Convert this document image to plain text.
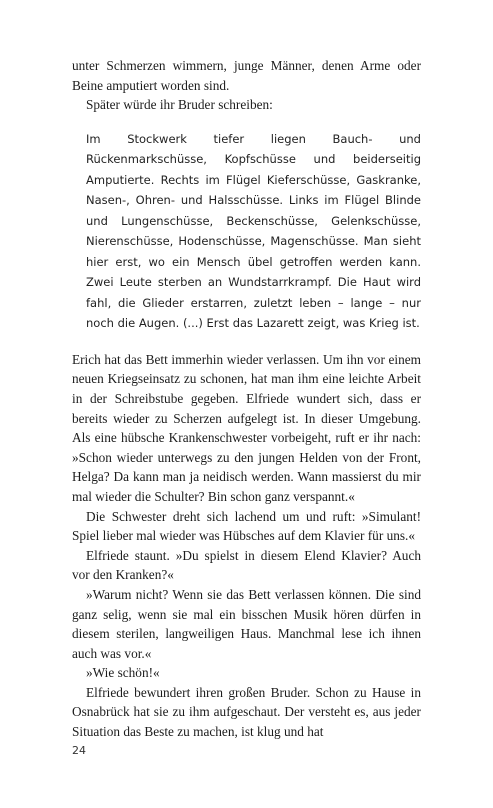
unter Schmerzen wimmern, junge Männer, denen Arme oder Beine amputiert worden sind.

Später würde ihr Bruder schreiben:

Im Stockwerk tiefer liegen Bauch- und Rückenmarkschüsse, Kopfschüsse und beiderseitig Amputierte. Rechts im Flügel Kieferschüsse, Gaskranke, Nasen-, Ohren- und Halsschüsse. Links im Flügel Blinde und Lungenschüsse, Beckenschüsse, Gelenkschüsse, Nierenschüsse, Hodenschüsse, Magenschüsse. Man sieht hier erst, wo ein Mensch übel getroffen werden kann. Zwei Leute sterben an Wundstarrkrampf. Die Haut wird fahl, die Glieder erstarren, zuletzt leben – lange – nur noch die Augen. (...) Erst das Lazarett zeigt, was Krieg ist.

Erich hat das Bett immerhin wieder verlassen. Um ihn vor einem neuen Kriegseinsatz zu schonen, hat man ihm eine leichte Arbeit in der Schreibstube gegeben. Elfriede wundert sich, dass er bereits wieder zu Scherzen aufgelegt ist. In dieser Umgebung. Als eine hübsche Krankenschwester vorbeigeht, ruft er ihr nach: »Schon wieder unterwegs zu den jungen Helden von der Front, Helga? Da kann man ja neidisch werden. Wann massierst du mir mal wieder die Schulter? Bin schon ganz verspannt.«

Die Schwester dreht sich lachend um und ruft: »Simulant! Spiel lieber mal wieder was Hübsches auf dem Klavier für uns.«

Elfriede staunt. »Du spielst in diesem Elend Klavier? Auch vor den Kranken?«

»Warum nicht? Wenn sie das Bett verlassen können. Die sind ganz selig, wenn sie mal ein bisschen Musik hören dürfen in diesem sterilen, langweiligen Haus. Manchmal lese ich ihnen auch was vor.«

»Wie schön!«

Elfriede bewundert ihren großen Bruder. Schon zu Hause in Osnabrück hat sie zu ihm aufgeschaut. Der versteht es, aus jeder Situation das Beste zu machen, ist klug und hat

24
